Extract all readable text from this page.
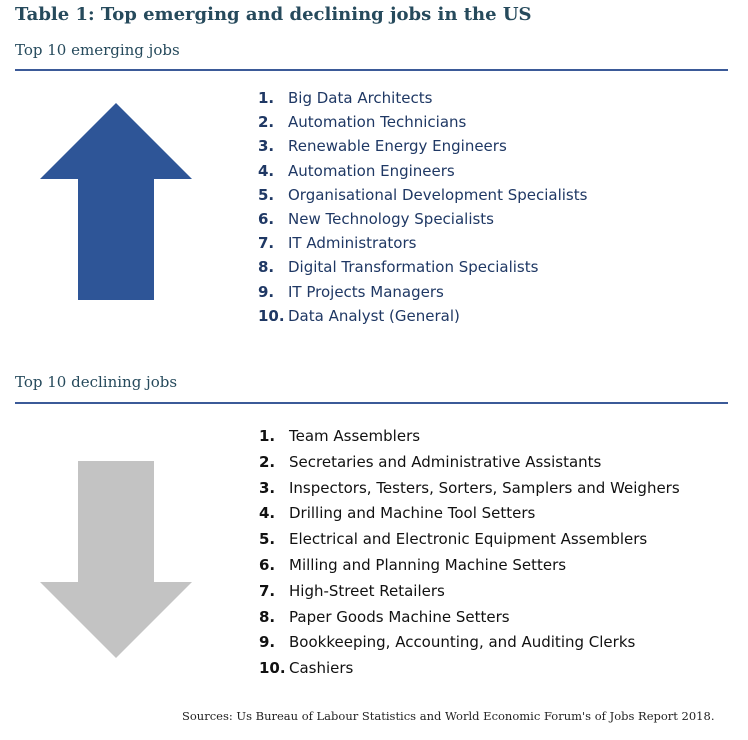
Table 1: Top emerging and declining jobs in the US
Top 10 emerging jobs
1. Big Data Architects
2. Automation Technicians
3. Renewable Energy Engineers
4. Automation Engineers
5. Organisational Development Specialists
6. New Technology Specialists
7. IT Administrators
8. Digital Transformation Specialists
9. IT Projects Managers
10. Data Analyst (General)
Top 10 declining jobs
1. Team Assemblers
2. Secretaries and Administrative Assistants
3. Inspectors, Testers, Sorters, Samplers and Weighers
4. Drilling and Machine Tool Setters
5. Electrical and Electronic Equipment Assemblers
6. Milling and Planning Machine Setters
7. High-Street Retailers
8. Paper Goods Machine Setters
9. Bookkeeping, Accounting, and Auditing Clerks
10. Cashiers
Sources: Us Bureau of Labour Statistics and World Economic Forum's of Jobs Report 2018.
